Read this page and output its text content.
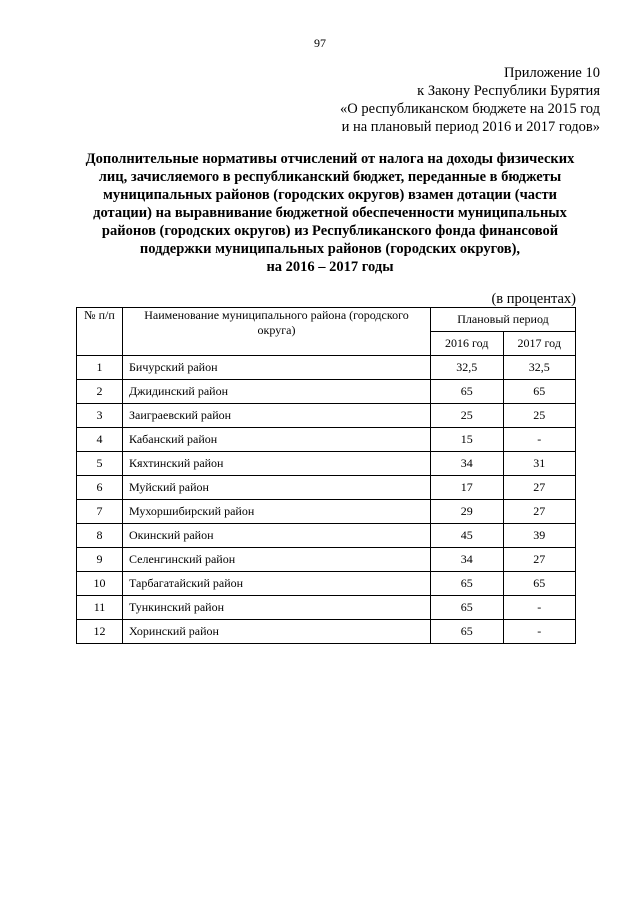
97
Приложение 10
к Закону Республики Бурятия
«О республиканском бюджете на 2015 год
и на плановый период 2016 и 2017 годов»
Дополнительные нормативы отчислений от налога на доходы физических
лиц, зачисляемого в республиканский бюджет, переданные в бюджеты
муниципальных районов (городских округов) взамен дотации (части
дотации) на выравнивание бюджетной обеспеченности муниципальных
районов (городских округов) из Республиканского фонда финансовой
поддержки муниципальных районов (городских округов),
на 2016 – 2017 годы
(в процентах)
№ п/п	Наименование муниципального района (городского округа)	Плановый период	
		2016 год	2017 год
1	Бичурский район	32,5	32,5
2	Джидинский район	65	65
3	Заиграевский район	25	25
4	Кабанский район	15	-
5	Кяхтинский район	34	31
6	Муйский район	17	27
7	Мухоршибирский район	29	27
8	Окинский район	45	39
9	Селенгинский район	34	27
10	Тарбагатайский район	65	65
11	Тункинский район	65	-
12	Хоринский район	65	-
